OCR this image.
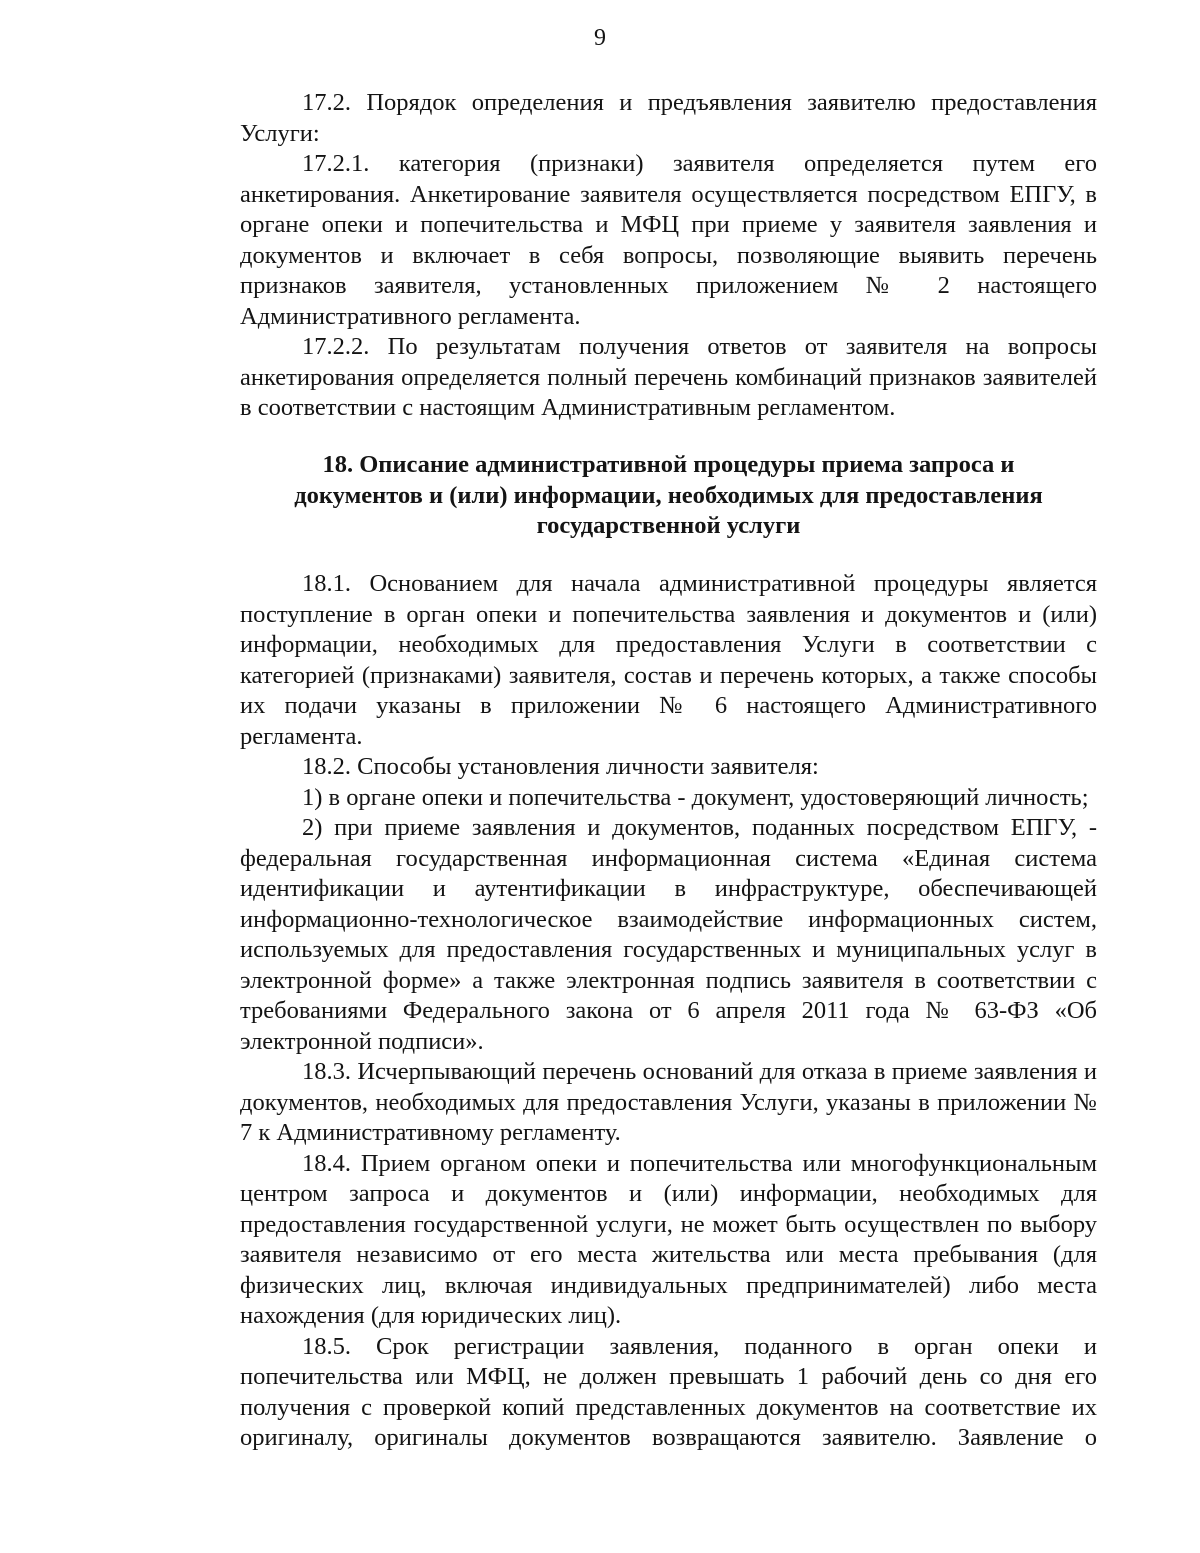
9

17.2. Порядок определения и предъявления заявителю предоставления Услуги:

17.2.1. категория (признаки) заявителя определяется путем его анкетирования. Анкетирование заявителя осуществляется посредством ЕПГУ, в органе опеки и попечительства и МФЦ при приеме у заявителя заявления и документов и включает в себя вопросы, позволяющие выявить перечень признаков заявителя, установленных приложением № 2 настоящего Административного регламента.

17.2.2. По результатам получения ответов от заявителя на вопросы анкетирования определяется полный перечень комбинаций признаков заявителей в соответствии с настоящим Административным регламентом.

18. Описание административной процедуры приема запроса и
документов и (или) информации, необходимых для предоставления
государственной услуги

18.1. Основанием для начала административной процедуры является поступление в орган опеки и попечительства заявления и документов и (или) информации, необходимых для предоставления Услуги в соответствии с категорией (признаками) заявителя, состав и перечень которых, а также способы их подачи указаны в приложении № 6 настоящего Административного регламента.

18.2. Способы установления личности заявителя:

1) в органе опеки и попечительства - документ, удостоверяющий личность;

2) при приеме заявления и документов, поданных посредством ЕПГУ, - федеральная государственная информационная система «Единая система идентификации и аутентификации в инфраструктуре, обеспечивающей информационно-технологическое взаимодействие информационных систем, используемых для предоставления государственных и муниципальных услуг в электронной форме» а также электронная подпись заявителя в соответствии с требованиями Федерального закона от 6 апреля 2011 года № 63-ФЗ «Об электронной подписи».

18.3. Исчерпывающий перечень оснований для отказа в приеме заявления и документов, необходимых для предоставления Услуги, указаны в приложении № 7 к Административному регламенту.

18.4. Прием органом опеки и попечительства или многофункциональным центром запроса и документов и (или) информации, необходимых для предоставления государственной услуги, не может быть осуществлен по выбору заявителя независимо от его места жительства или места пребывания (для физических лиц, включая индивидуальных предпринимателей) либо места нахождения (для юридических лиц).

18.5. Срок регистрации заявления, поданного в орган опеки и попечительства или МФЦ, не должен превышать 1 рабочий день со дня его получения с проверкой копий представленных документов на соответствие их оригиналу, оригиналы документов возвращаются заявителю. Заявление о
